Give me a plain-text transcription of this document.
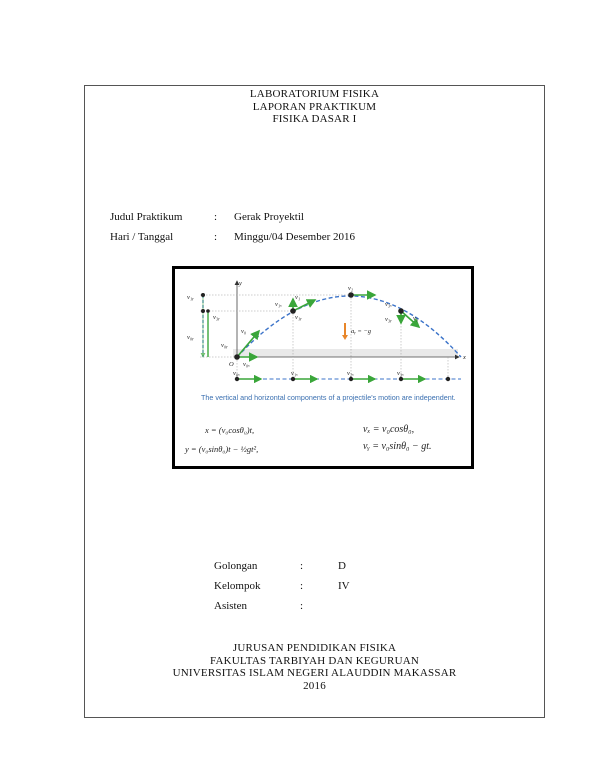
LABORATORIUM FISIKA
LAPORAN PRAKTIKUM
FISIKA DASAR I
Judul Praktikum	: Gerak Proyektil
Hari / Tanggal	: Minggu/04 Desember 2016
y
x
O
v₀
v₁
v₂
v₃
v₀ₓ
v₁ₓ
v₁ᵧ
v₃ₓ
v₃ᵧ
aᵧ = −g
v₁ᵧ
v₀ᵧ
v₀ᵧ
v₃ᵧ
v₀ₓ	v₁ₓ	v₂ₓ	v₃ₓ
The vertical and horizontal components of a projectile's motion are independent.
x = (v₀cosθ₀)t,
y = (v₀sinθ₀)t − ½gt²,
vₓ = v₀cosθ₀,
vᵧ = v₀sinθ₀ − gt.
Golongan	:	D
Kelompok	:	IV
Asisten	:
JURUSAN PENDIDIKAN FISIKA
FAKULTAS TARBIYAH DAN KEGURUAN
UNIVERSITAS ISLAM NEGERI ALAUDDIN MAKASSAR
2016
